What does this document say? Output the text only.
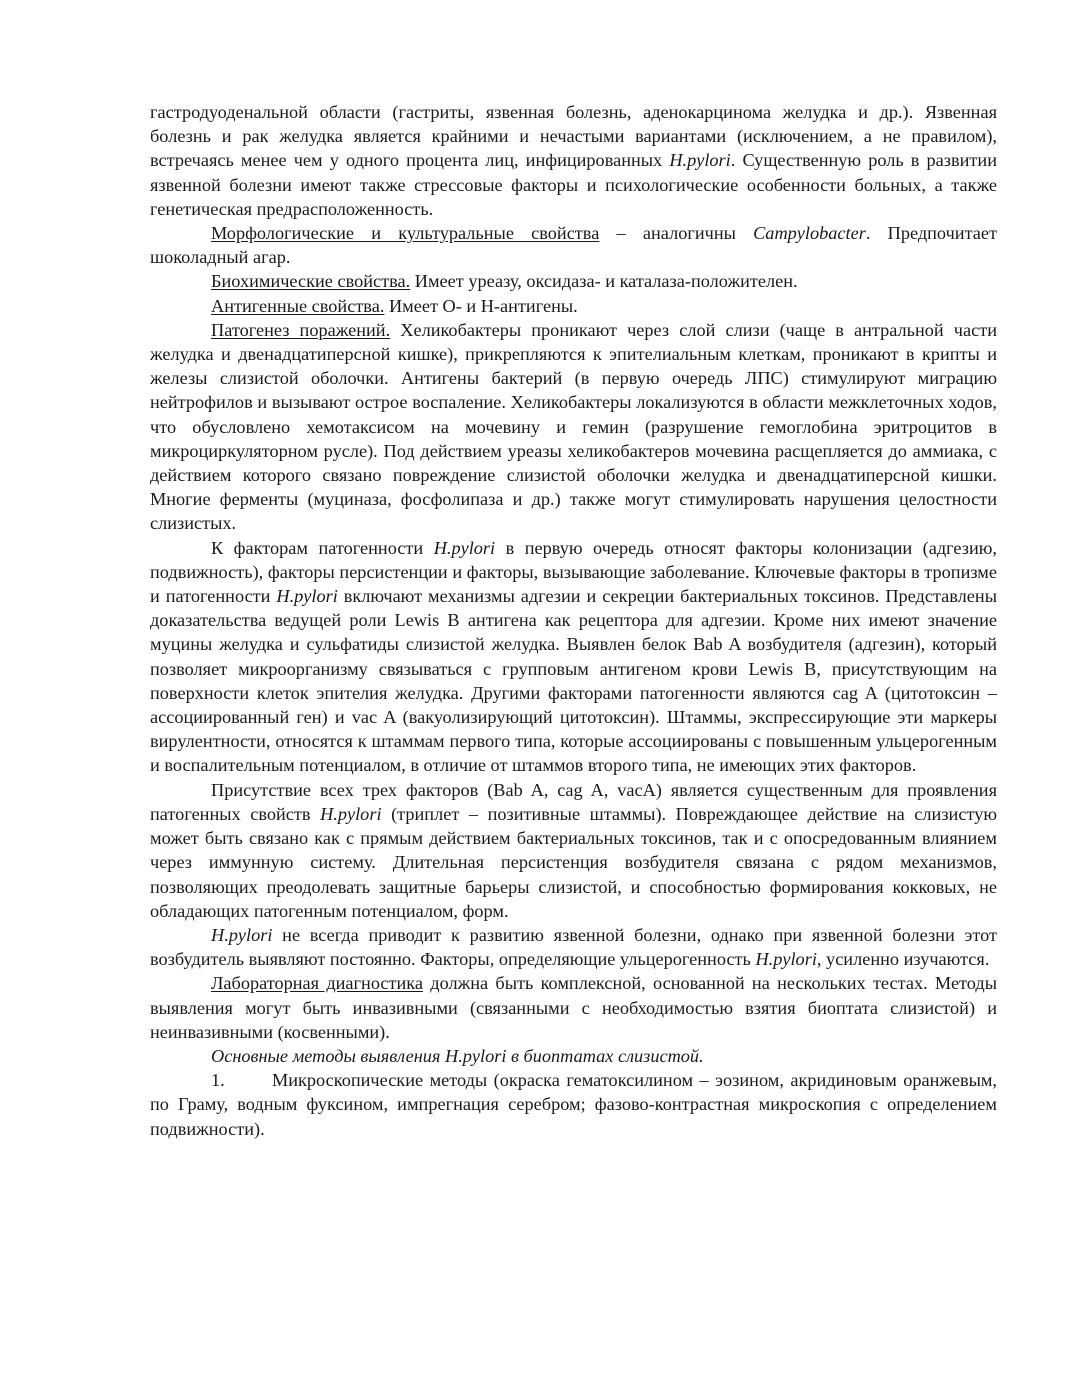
гастродуоденальной области (гастриты, язвенная болезнь, аденокарцинома желудка и др.). Язвенная болезнь и рак желудка является крайними и нечастыми вариантами (исключением, а не правилом), встречаясь менее чем у одного процента лиц, инфицированных H.pylori. Существенную роль в развитии язвенной болезни имеют также стрессовые факторы и психологические особенности больных, а также генетическая предрасположенность.

Морфологические и культуральные свойства – аналогичны Campylobacter. Предпочитает шоколадный агар.

Биохимические свойства. Имеет уреазу, оксидаза- и каталаза-положителен.

Антигенные свойства. Имеет О- и Н-антигены.

Патогенез поражений. Хеликобактеры проникают через слой слизи (чаще в антральной части желудка и двенадцатиперсной кишке), прикрепляются к эпителиальным клеткам, проникают в крипты и железы слизистой оболочки. Антигены бактерий (в первую очередь ЛПС) стимулируют миграцию нейтрофилов и вызывают острое воспаление. Хеликобактеры локализуются в области межклеточных ходов, что обусловлено хемотаксисом на мочевину и гемин (разрушение гемоглобина эритроцитов в микроциркуляторном русле). Под действием уреазы хеликобактеров мочевина расщепляется до аммиака, с действием которого связано повреждение слизистой оболочки желудка и двенадцатиперсной кишки. Многие ферменты (муциназа, фосфолипаза и др.) также могут стимулировать нарушения целостности слизистых.

К факторам патогенности H.pylori в первую очередь относят факторы колонизации (адгезию, подвижность), факторы персистенции и факторы, вызывающие заболевание. Ключевые факторы в тропизме и патогенности H.pylori включают механизмы адгезии и секреции бактериальных токсинов. Представлены доказательства ведущей роли Lewis B антигена как рецептора для адгезии. Кроме них имеют значение муцины желудка и сульфатиды слизистой желудка. Выявлен белок Bab A возбудителя (адгезин), который позволяет микроорганизму связываться с групповым антигеном крови Lewis B, присутствующим на поверхности клеток эпителия желудка. Другими факторами патогенности являются cag A (цитотоксин – ассоциированный ген) и vac A (вакуолизирующий цитотоксин). Штаммы, экспрессирующие эти маркеры вирулентности, относятся к штаммам первого типа, которые ассоциированы с повышенным ульцерогенным и воспалительным потенциалом, в отличие от штаммов второго типа, не имеющих этих факторов.

Присутствие всех трех факторов (Bab A, cag A, vacA) является существенным для проявления патогенных свойств H.pylori (триплет – позитивные штаммы). Повреждающее действие на слизистую может быть связано как с прямым действием бактериальных токсинов, так и с опосредованным влиянием через иммунную систему. Длительная персистенция возбудителя связана с рядом механизмов, позволяющих преодолевать защитные барьеры слизистой, и способностью формирования кокковых, не обладающих патогенным потенциалом, форм.

H.pylori не всегда приводит к развитию язвенной болезни, однако при язвенной болезни этот возбудитель выявляют постоянно. Факторы, определяющие ульцерогенность H.pylori, усиленно изучаются.

Лабораторная диагностика должна быть комплексной, основанной на нескольких тестах. Методы выявления могут быть инвазивными (связанными с необходимостью взятия биоптата слизистой) и неинвазивными (косвенными).

Основные методы выявления H.pylori в биоптатах слизистой.

1.	Микроскопические методы (окраска гематоксилином – эозином, акридиновым оранжевым, по Граму, водным фуксином, импрегнация серебром; фазово-контрастная микроскопия с определением подвижности).
